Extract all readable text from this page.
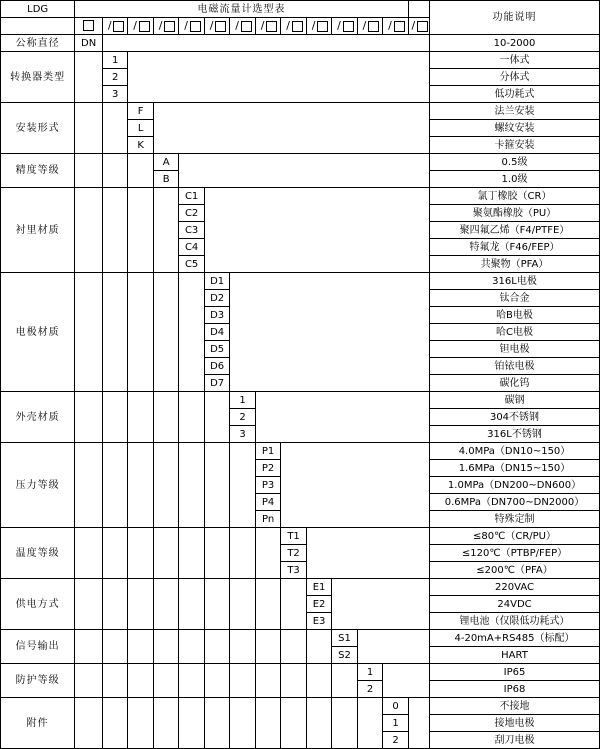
LDG	电磁流量计选型表														功能说明
		/	/	/	/	/	/	/	/	/	/	/	/	/	
公称直径	DN														10-2000
转换器类型		1													一体式
		2													分体式
		3													低功耗式
安装形式			F												法兰安装
			L												螺纹安装
			K												卡箍安装
精度等级				A											0.5级
				B											1.0级
衬里材质					C1										氯丁橡胶（CR）
					C2										聚氨酯橡胶（PU）
					C3										聚四氟乙烯（F4/PTFE）
					C4										特氟龙（F46/FEP）
					C5										共聚物（PFA）
电极材质						D1									316L电极
						D2									钛合金
						D3									哈B电极
						D4									哈C电极
						D5									钽电极
						D6									铂铱电极
						D7									碳化钨
外壳材质							1								碳钢
							2								304不锈钢
							3								316L不锈钢
压力等级								P1							4.0MPa（DN10~150）
								P2							1.6MPa（DN15~150）
								P3							1.0MPa（DN200~DN600）
								P4							0.6MPa（DN700~DN2000）
								Pn							特殊定制
温度等级									T1						≤80℃（CR/PU）
									T2						≤120℃（PTBP/FEP）
									T3						≤200℃（PFA）
供电方式										E1					220VAC
										E2					24VDC
										E3					锂电池（仅限低功耗式）
信号输出											S1				4-20mA+RS485（标配）
											S2				HART
防护等级												1			IP65
												2			IP68
附件													0		不接地
													1		接地电极
													2		刮刀电极
